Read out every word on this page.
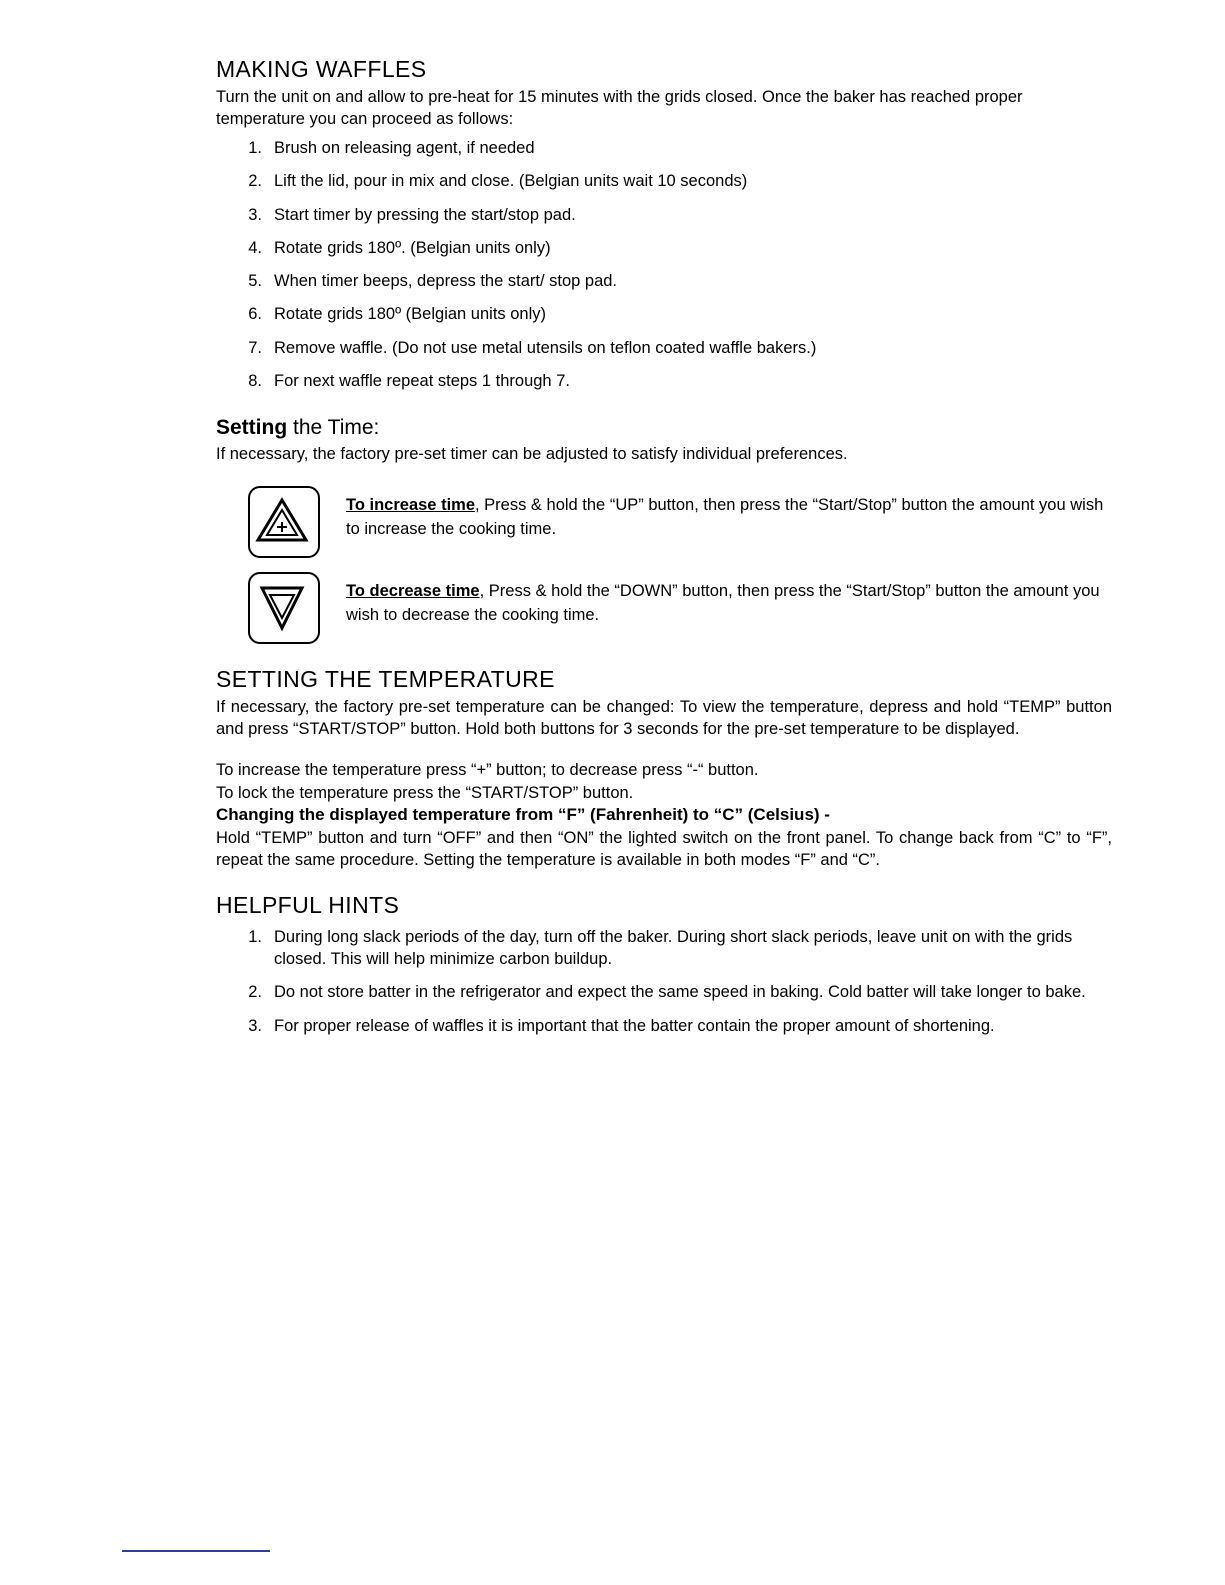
MAKING WAFFLES

Turn the unit on and allow to pre-heat for 15 minutes with the grids closed. Once the baker has reached proper temperature you can proceed as follows:

Brush on releasing agent, if needed
Lift the lid, pour in mix and close. (Belgian units wait 10 seconds)
Start timer by pressing the start/stop pad.
Rotate grids 180º. (Belgian units only)
When timer beeps, depress the start/ stop pad.
Rotate grids 180º (Belgian units only)
Remove waffle. (Do not use metal utensils on teflon coated waffle bakers.)
For next waffle repeat steps 1 through 7.
Setting the Time:

If necessary, the factory pre-set timer can be adjusted to satisfy individual preferences.

To increase time, Press & hold the “UP” button, then press the “Start/Stop” button the amount you wish to increase the cooking time.
To decrease time, Press & hold the “DOWN” button, then press the “Start/Stop” button the amount you wish to decrease the cooking time.
SETTING THE TEMPERATURE

If necessary, the factory pre-set temperature can be changed: To view the temperature, depress and hold “TEMP” button and press “START/STOP” button. Hold both buttons for 3 seconds for the pre-set temperature to be displayed.

To increase the temperature press “+” button; to decrease press “-“ button.

To lock the temperature press the “START/STOP” button.

Changing the displayed temperature from “F” (Fahrenheit) to “C” (Celsius) -

Hold “TEMP” button and turn “OFF” and then “ON” the lighted switch on the front panel. To change back from “C” to “F”, repeat the same procedure. Setting the temperature is available in both modes “F” and “C”.

HELPFUL HINTS
During long slack periods of the day, turn off the baker. During short slack periods, leave unit on with the grids closed. This will help minimize carbon buildup.
Do not store batter in the refrigerator and expect the same speed in baking. Cold batter will take longer to bake.
For proper release of waffles it is important that the batter contain the proper amount of shortening.
